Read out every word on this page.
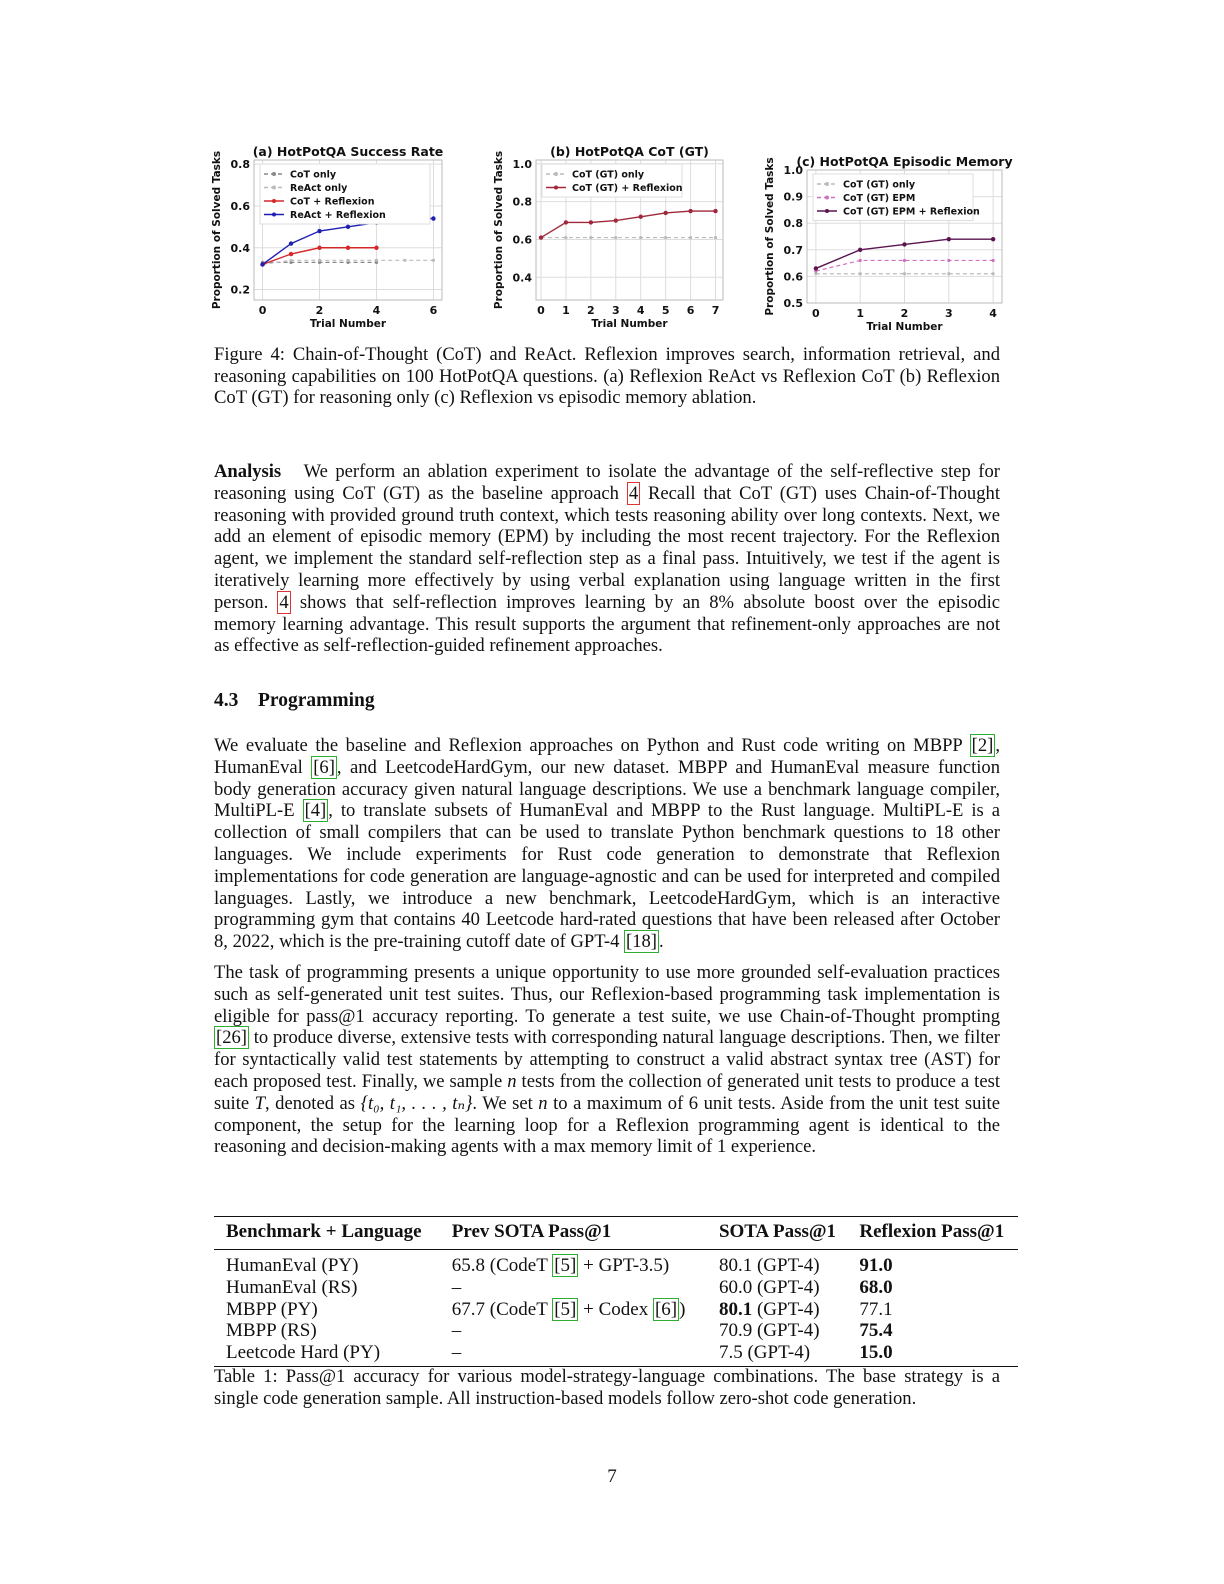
0	2	4	6
0.2
0.4
0.6
0.8
(a) HotPotQA Success Rate
Trial Number
Proportion of Solved Tasks	CoT only
ReAct only
CoT + Reflexion
ReAct + Reflexion
0 1 2 3 4 5 6 7
0.4
0.6
0.8
1.0
(b) HotPotQA CoT (GT)
Trial Number
Proportion of Solved Tasks	CoT (GT) only
CoT (GT) + Reflexion
0	1	2	3	4
0.5
0.6
0.7
0.8
0.9
1.0
(c) HotPotQA Episodic Memory
Trial Number
Proportion of Solved Tasks	CoT (GT) only
CoT (GT) EPM
CoT (GT) EPM + Reflexion
Figure 4: Chain-of-Thought (CoT) and ReAct. Reflexion improves search, information retrieval, and reasoning capabilities on 100 HotPotQA questions. (a) Reflexion ReAct vs Reflexion CoT (b) Reflexion CoT (GT) for reasoning only (c) Reflexion vs episodic memory ablation.
Analysis We perform an ablation experiment to isolate the advantage of the self-reflective step for reasoning using CoT (GT) as the baseline approach 4 Recall that CoT (GT) uses Chain-of-Thought reasoning with provided ground truth context, which tests reasoning ability over long contexts. Next, we add an element of episodic memory (EPM) by including the most recent trajectory. For the Reflexion agent, we implement the standard self-reflection step as a final pass. Intuitively, we test if the agent is iteratively learning more effectively by using verbal explanation using language written in the first person. 4 shows that self-reflection improves learning by an 8% absolute boost over the episodic memory learning advantage. This result supports the argument that refinement-only approaches are not as effective as self-reflection-guided refinement approaches.
4.3 Programming
We evaluate the baseline and Reflexion approaches on Python and Rust code writing on MBPP [2] , HumanEval [6] , and LeetcodeHardGym, our new dataset. MBPP and HumanEval measure function body generation accuracy given natural language descriptions. We use a benchmark language compiler, MultiPL-E [4] , to translate subsets of HumanEval and MBPP to the Rust language. MultiPL-E is a collection of small compilers that can be used to translate Python benchmark questions to 18 other languages. We include experiments for Rust code generation to demonstrate that Reflexion implementations for code generation are language-agnostic and can be used for interpreted and compiled languages. Lastly, we introduce a new benchmark, LeetcodeHardGym, which is an interactive programming gym that contains 40 Leetcode hard-rated questions that have been released after October 8, 2022, which is the pre-training cutoff date of GPT-4 [18] .
The task of programming presents a unique opportunity to use more grounded self-evaluation practices such as self-generated unit test suites. Thus, our Reflexion-based programming task implementation is eligible for pass@1 accuracy reporting. To generate a test suite, we use Chain-of-Thought prompting [26] to produce diverse, extensive tests with corresponding natural language descriptions. Then, we filter for syntactically valid test statements by attempting to construct a valid abstract syntax tree (AST) for each proposed test. Finally, we sample n tests from the collection of generated unit tests to produce a test suite T, denoted as {t₀, t₁, . . . , tₙ}. We set n to a maximum of 6 unit tests. Aside from the unit test suite component, the setup for the learning loop for a Reflexion programming agent is identical to the reasoning and decision-making agents with a max memory limit of 1 experience.
Benchmark + Language	Prev SOTA Pass@1	SOTA Pass@1	Reflexion Pass@1
HumanEval (PY)	65.8 (CodeT [5] + GPT-3.5)	80.1 (GPT-4)	91.0
HumanEval (RS)	–	60.0 (GPT-4)	68.0
MBPP (PY)	67.7 (CodeT [5] + Codex [6] )	80.1 (GPT-4)	77.1
MBPP (RS)	–	70.9 (GPT-4)	75.4
Leetcode Hard (PY)	–	7.5 (GPT-4)	15.0
Table 1: Pass@1 accuracy for various model-strategy-language combinations. The base strategy is a single code generation sample. All instruction-based models follow zero-shot code generation.
7
